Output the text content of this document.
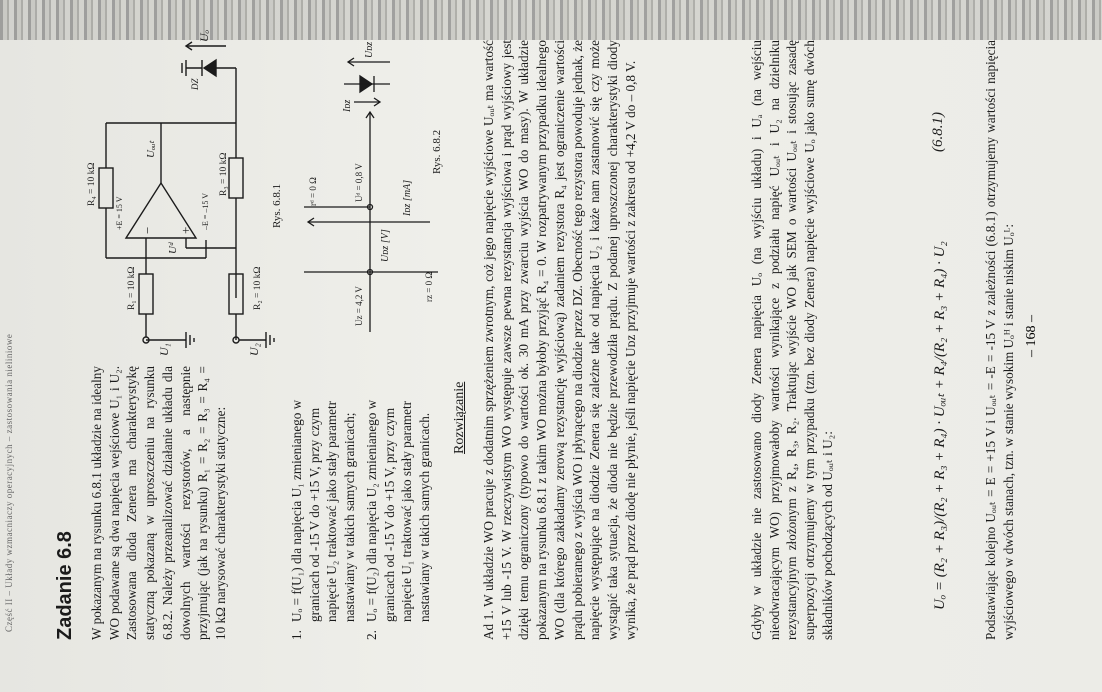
Część II – Układy wzmacniaczy operacyjnych – zastosowania nieliniowe Zadanie 6.8 W pokazanym na rysunku 6.8.1 układzie na idealny WO podawane są dwa napięcia wejściowe U₁ i U₂. Zastosowana dioda Zenera ma charakterystykę statyczną pokazaną w uproszczeniu na rysunku 6.8.2. Należy przeanalizować działanie układu dla dowolnych wartości rezystorów, a następnie przyjmując (jak na rysunku) R₁ = R₂ = R₃ = R₄ = 10 kΩ narysować charakterystyki statyczne:	1.
Uₒ = f(U₁) dla napięcia U₁ zmienianego w granicach od -15 V do +15 V, przy czym napięcie U₂ traktować jako stały parametr nastawiany w takich samych granicach;
2.
Uₒ = f(U₂) dla napięcia U₂ zmienianego w granicach od -15 V do +15 V, przy czym napięcie U₁ traktować jako stały parametr nastawiany w takich samych granicach.
R₁ = 10 kΩ	R₂ = 10 kΩ
R₃ = 10 kΩ
R₄ = 10 kΩ
U₁	U₂
Uᵈ
Uₒᵤₜ
Uₒ
+E = 15 V	–E = –15 V
DZ
− +
Rys. 6.8.1
Uᴢ = 4,2 V
Uᵈ = 0,8 V
rᵈ = 0 Ω
rᴢ = 0 Ω
Uᴅᴢ [V]
Iᴅᴢ [mA]
Iᴅᴢ
Uᴅᴢ
Rys. 6.8.2
Rozwiązanie Ad 1. W układzie WO pracuje z dodatnim sprzężeniem zwrotnym, coż jego napięcie wyjściowe Uₒᵤₜ ma wartość +15 V lub -15 V. W rzeczywistym WO występuje zawsze pewna rezystancja wyjściowa i prąd wyjściowy jest dzięki temu ograniczony (typowo do wartości ok. 30 mA przy zwarciu wyjścia WO do masy). W układzie pokazanym na rysunku 6.8.1 z takim WO można byłoby przyjąć R₄ = 0. W rozpatrywanym przypadku idealnego WO (dla którego zakładamy zerową rezystancję wyjściową) zadaniem rezystora R₄ jest ograniczenie wartości prądu pobieranego z wyjścia WO i płynącego na diodzie przez DZ. Obecność tego rezystora powoduje jednak, że napięcie występujące na diodzie Zenera się zależne take od napięcia U₂ i każe nam zastanowić się czy może wystąpić taka sytuacja, że dioda nie będzie przewodziła prądu. Z podanej uproszczonej charakterystyki diody wynika, że prąd przez diodę nie płynie, jeśli napięcie Uᴅᴢ przyjmuje wartości z zakresu od +4,2 V do – 0,8 V.	Gdyby w układzie nie zastosowano diody Zenera napięcia Uₒ (na wyjściu układu) i Uₐ (na wejściu nieodwracającym WO) przyjmowałoby wartości wynikające z podziału napięć Uₒᵤₜ i U₂ na dzielniku rezystancyjnym złożonym z R₄, R₃, R₂. Traktując wyjście WO jak SEM o wartości Uₒᵤₜ i stosując zasadę superpozycji otrzymujemy w tym przypadku (tzn. bez diody Zenera) napięcie wyjściowe Uₒ jako sumę dwóch składników pochodzących od Uₒᵤₜ i U₂:	Uₒ = (R₂ + R₃)/(R₂ + R₃ + R₄) · Uₒᵤₜ + R₄/(R₂ + R₃ + R₄) · U₂
(6.8.1)	Podstawiając kolejno Uₒᵤₜ = E = +15 V i Uₒᵤₜ = -E = -15 V z zależności (6.8.1) otrzymujemy wartości napięcia wyjściowego w dwóch stanach, tzn. w stanie wysokim Uₒᴴ i stanie niskim Uₒᴸ: – 168 –
